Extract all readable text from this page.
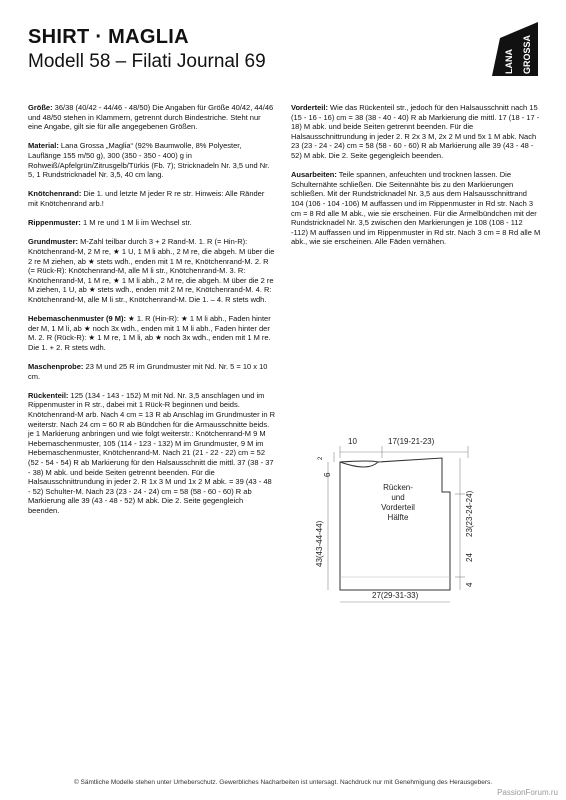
SHIRT · MAGLIA
Modell 58 – Filati Journal 69	LANA GROSSA

Größe: 36/38 (40/42 - 44/46 - 48/50) Die Angaben für Größe 40/42, 44/46 und 48/50 stehen in Klammern, getrennt durch Bindestriche. Steht nur eine Angabe, gilt sie für alle angegebenen Größen.

Material: Lana Grossa „Maglia“ (92% Baumwolle, 8% Polyester, Lauflänge 155 m/50 g), 300 (350 - 350 - 400) g in Rohweiß/Apfelgrün/Zitrusgelb/Türkis (Fb. 7); Stricknadeln Nr. 3,5 und Nr. 5, 1 Rundstricknadel Nr. 3,5, 40 cm lang.

Knötchenrand: Die 1. und letzte M jeder R re str. Hinweis: Alle Ränder mit Knötchenrand arb.!

Rippenmuster: 1 M re und 1 M li im Wechsel str.

Grundmuster: M-Zahl teilbar durch 3 + 2 Rand-M. 1. R (= Hin-R): Knötchenrand-M, 2 M re, ★ 1 U, 1 M li abh., 2 M re, die abgeh. M über die 2 re M ziehen, ab ★ stets wdh., enden mit 1 M re, Knötchenrand-M. 2. R (= Rück-R): Knötchenrand-M, alle M li str., Knötchenrand-M. 3. R: Knötchenrand-M, 1 M re, ★ 1 M li abh., 2 M re, die abgeh. M über die 2 re M ziehen, 1 U, ab ★ stets wdh., enden mit 2 M re, Knötchenrand-M. 4. R: Knötchenrand-M, alle M li str., Knötchenrand-M. Die 1. – 4. R stets wdh.

Hebemaschenmuster (9 M): ★ 1. R (Hin-R): ★ 1 M li abh., Faden hinter der M, 1 M li, ab ★ noch 3x wdh., enden mit 1 M li abh., Faden hinter der M. 2. R (Rück-R): ★ 1 M re, 1 M li, ab ★ noch 3x wdh., enden mit 1 M re. Die 1. + 2. R stets wdh.

Maschenprobe: 23 M und 25 R im Grundmuster mit Nd. Nr. 5 = 10 x 10 cm.

Rückenteil: 125 (134 - 143 - 152) M mit Nd. Nr. 3,5 anschlagen und im Rippenmuster in R str., dabei mit 1 Rück-R beginnen und beids. Knötchenrand-M arb. Nach 4 cm = 13 R ab Anschlag im Grundmuster in R weiterstr. Nach 24 cm = 60 R ab Bündchen für die Armausschnitte beids. je 1 Markierung anbringen und wie folgt weiterstr.: Knötchenrand-M 9 M Hebemaschenmuster, 105 (114 - 123 - 132) M im Grundmuster, 9 M im Hebemaschenmuster, Knötchenrand-M. Nach 21 (21 - 22 - 22) cm = 52 (52 - 54 - 54) R ab Markierung für den Halsausschnitt die mittl. 37 (38 - 37 - 38) M abk. und beide Seiten getrennt beenden. Für die Halsausschnittrundung in jeder 2. R 1x 3 M und 1x 2 M abk. = 39 (43 - 48 - 52) Schulter-M. Nach 23 (23 - 24 - 24) cm = 58 (58 - 60 - 60) R ab Markierung alle 39 (43 - 48 - 52) M abk. Die 2. Seite gegengleich beenden.

Vorderteil: Wie das Rückenteil str., jedoch für den Halsausschnitt nach 15 (15 - 16 - 16) cm = 38 (38 - 40 - 40) R ab Markierung die mittl. 17 (18 - 17 - 18) M abk. und beide Seiten getrennt beenden. Für die Halsausschnittrundung in jeder 2. R 2x 3 M, 2x 2 M und 5x 1 M abk. Nach 23 (23 - 24 - 24) cm = 58 (58 - 60 - 60) R ab Markierung alle 39 (43 - 48 - 52) M abk. Die 2. Seite gegengleich beenden.

Ausarbeiten: Teile spannen, anfeuchten und trocknen lassen. Die Schulternähte schließen. Die Seitennähte bis zu den Markierungen schließen. Mit der Rundstricknadel Nr. 3,5 aus dem Halsausschnittrand 104 (106 - 104 -106) M auffassen und im Rippenmuster in Rd str. Nach 3 cm = 8 Rd alle M abk., wie sie erscheinen. Für die Ärmelbündchen mit der Rundstricknadel Nr. 3,5 zwischen den Markierungen je 108 (108 - 112 -112) M auffassen und im Rippenmuster in Rd str. Nach 3 cm = 8 Rd alle M abk., wie sie erscheinen. Alle Fäden vernähen.

10	17(19-21-23)
2
6
43(43-44-44)
23(23-24-24)
24
4
27(29-31-33)
Rücken-
und
Vorderteil
Hälfte
© Sämtliche Modelle stehen unter Urheberschutz. Gewerbliches Nacharbeiten ist untersagt. Nachdruck nur mit Genehmigung des Herausgebers.
PassionForum.ru
